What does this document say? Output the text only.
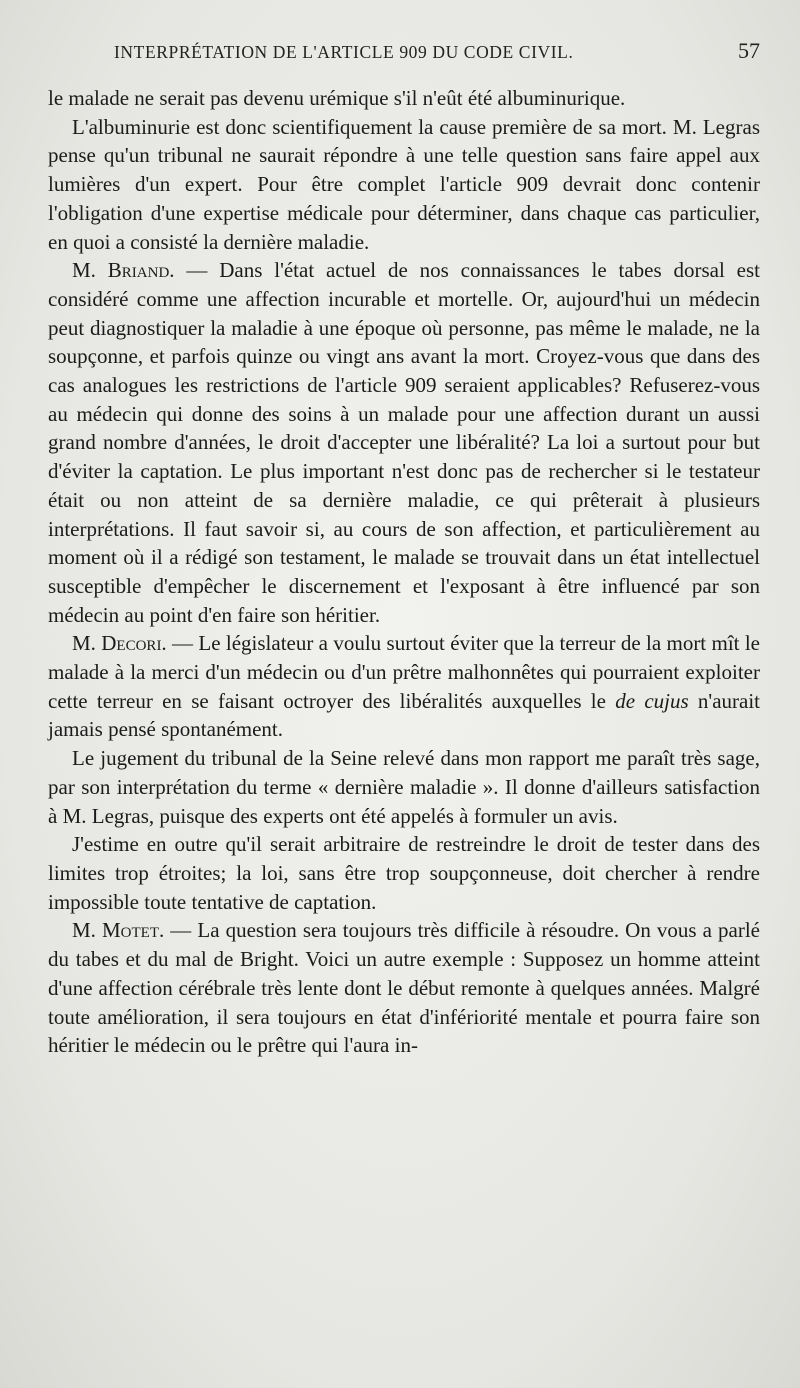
INTERPRÉTATION DE L'ARTICLE 909 DU CODE CIVIL.	57

le malade ne serait pas devenu urémique s'il n'eût été albuminurique.

L'albuminurie est donc scientifiquement la cause première de sa mort. M. Legras pense qu'un tribunal ne saurait répondre à une telle question sans faire appel aux lumières d'un expert. Pour être complet l'article 909 devrait donc contenir l'obligation d'une expertise médicale pour déterminer, dans chaque cas particulier, en quoi a consisté la dernière maladie.

M. Briand. — Dans l'état actuel de nos connaissances le tabes dorsal est considéré comme une affection incurable et mortelle. Or, aujourd'hui un médecin peut diagnostiquer la maladie à une époque où personne, pas même le malade, ne la soupçonne, et parfois quinze ou vingt ans avant la mort. Croyez-vous que dans des cas analogues les restrictions de l'article 909 seraient applicables? Refuserez-vous au médecin qui donne des soins à un malade pour une affection durant un aussi grand nombre d'années, le droit d'accepter une libéralité? La loi a surtout pour but d'éviter la captation. Le plus important n'est donc pas de rechercher si le testateur était ou non atteint de sa dernière maladie, ce qui prêterait à plusieurs interprétations. Il faut savoir si, au cours de son affection, et particulièrement au moment où il a rédigé son testament, le malade se trouvait dans un état intellectuel susceptible d'empêcher le discernement et l'exposant à être influencé par son médecin au point d'en faire son héritier.

M. Decori. — Le législateur a voulu surtout éviter que la terreur de la mort mît le malade à la merci d'un médecin ou d'un prêtre malhonnêtes qui pourraient exploiter cette terreur en se faisant octroyer des libéralités auxquelles le de cujus n'aurait jamais pensé spontanément.

Le jugement du tribunal de la Seine relevé dans mon rapport me paraît très sage, par son interprétation du terme « dernière maladie ». Il donne d'ailleurs satisfaction à M. Legras, puisque des experts ont été appelés à formuler un avis.

J'estime en outre qu'il serait arbitraire de restreindre le droit de tester dans des limites trop étroites; la loi, sans être trop soupçonneuse, doit chercher à rendre impossible toute tentative de captation.

M. Motet. — La question sera toujours très difficile à résoudre. On vous a parlé du tabes et du mal de Bright. Voici un autre exemple : Supposez un homme atteint d'une affection cérébrale très lente dont le début remonte à quelques années. Malgré toute amélioration, il sera toujours en état d'infériorité mentale et pourra faire son héritier le médecin ou le prêtre qui l'aura in-
